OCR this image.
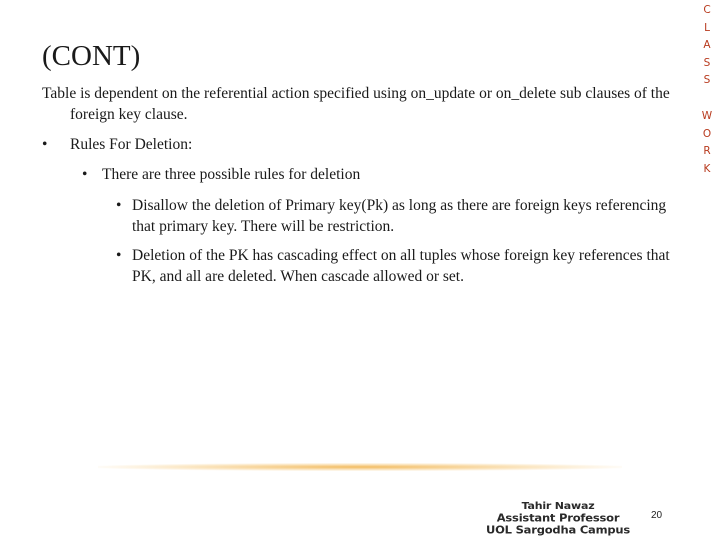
(CONT)

Table is dependent on the referential action specified using on_update or on_delete sub clauses of the foreign key clause.

• Rules For Deletion:
• There are three possible rules for deletion
• Disallow the deletion of Primary key(Pk) as long as there are foreign keys referencing that primary key. There will be restriction.
• Deletion of the PK has cascading effect on all tuples whose foreign key references that PK, and all are deleted. When cascade allowed or set.
C
L
A
S
S
W
O
R
K
Tahir Nawaz
Assistant Professor
UOL Sargodha Campus
20
